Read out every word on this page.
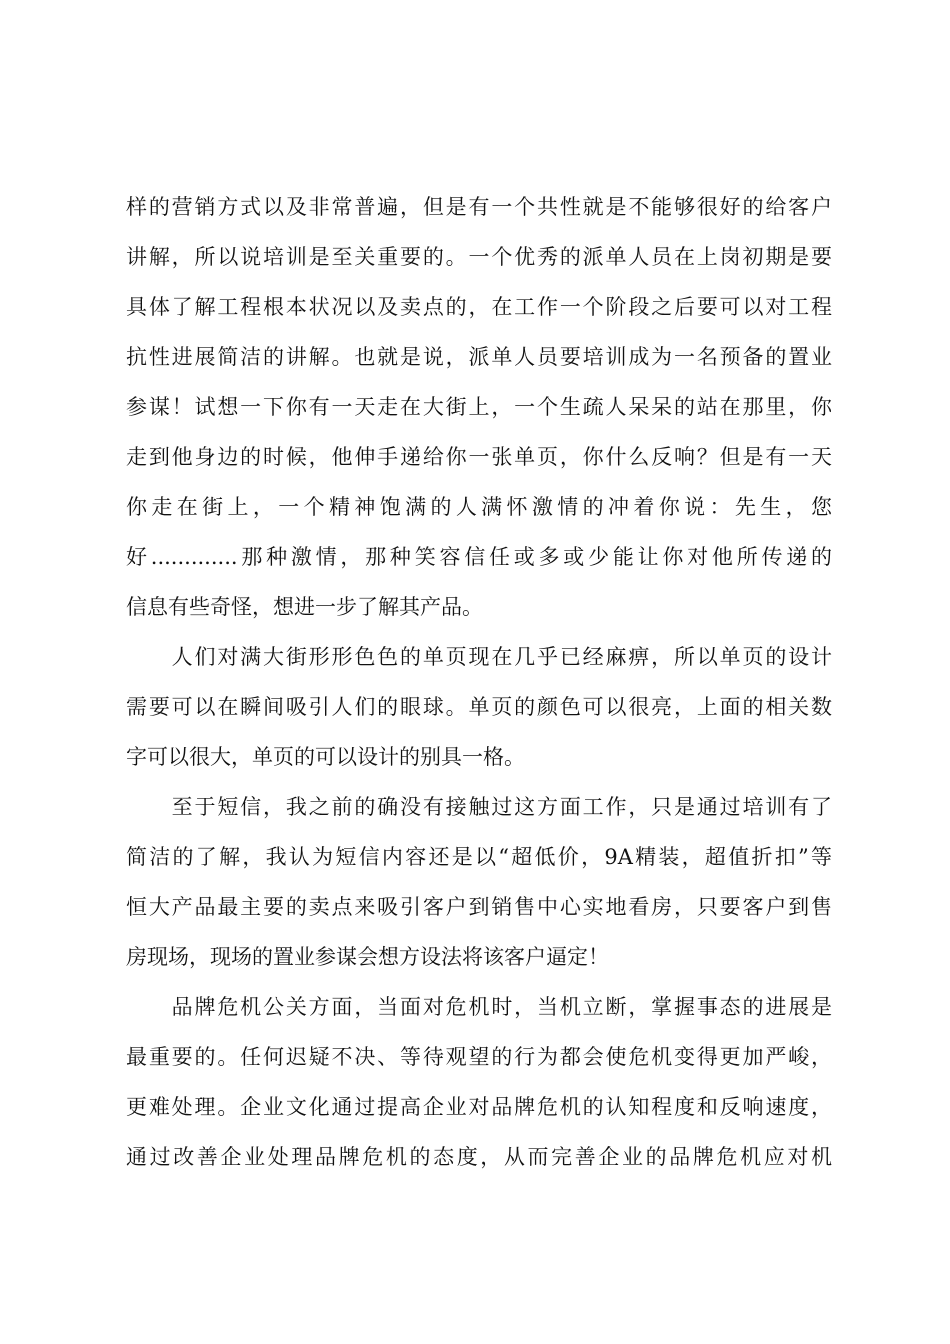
样的营销方式以及非常普遍，但是有一个共性就是不能够很好的给客户
讲解，所以说培训是至关重要的。一个优秀的派单人员在上岗初期是要
具体了解工程根本状况以及卖点的，在工作一个阶段之后要可以对工程
抗性进展简洁的讲解。也就是说，派单人员要培训成为一名预备的置业
参谋！试想一下你有一天走在大街上，一个生疏人呆呆的站在那里，你
走到他身边的时候，他伸手递给你一张单页，你什么反响？但是有一天
你走在街上，一个精神饱满的人满怀激情的冲着你说：先生，您
好.............那种激情，那种笑容信任或多或少能让你对他所传递的
信息有些奇怪，想进一步了解其产品。
　　人们对满大街形形色色的单页现在几乎已经麻痹，所以单页的设计
需要可以在瞬间吸引人们的眼球。单页的颜色可以很亮，上面的相关数
字可以很大，单页的可以设计的别具一格。
　　至于短信，我之前的确没有接触过这方面工作，只是通过培训有了
简洁的了解，我认为短信内容还是以“超低价，9A精装，超值折扣”等
恒大产品最主要的卖点来吸引客户到销售中心实地看房，只要客户到售
房现场，现场的置业参谋会想方设法将该客户逼定！
　　品牌危机公关方面，当面对危机时，当机立断，掌握事态的进展是
最重要的。任何迟疑不决、等待观望的行为都会使危机变得更加严峻，
更难处理。企业文化通过提高企业对品牌危机的认知程度和反响速度，
通过改善企业处理品牌危机的态度，从而完善企业的品牌危机应对机
